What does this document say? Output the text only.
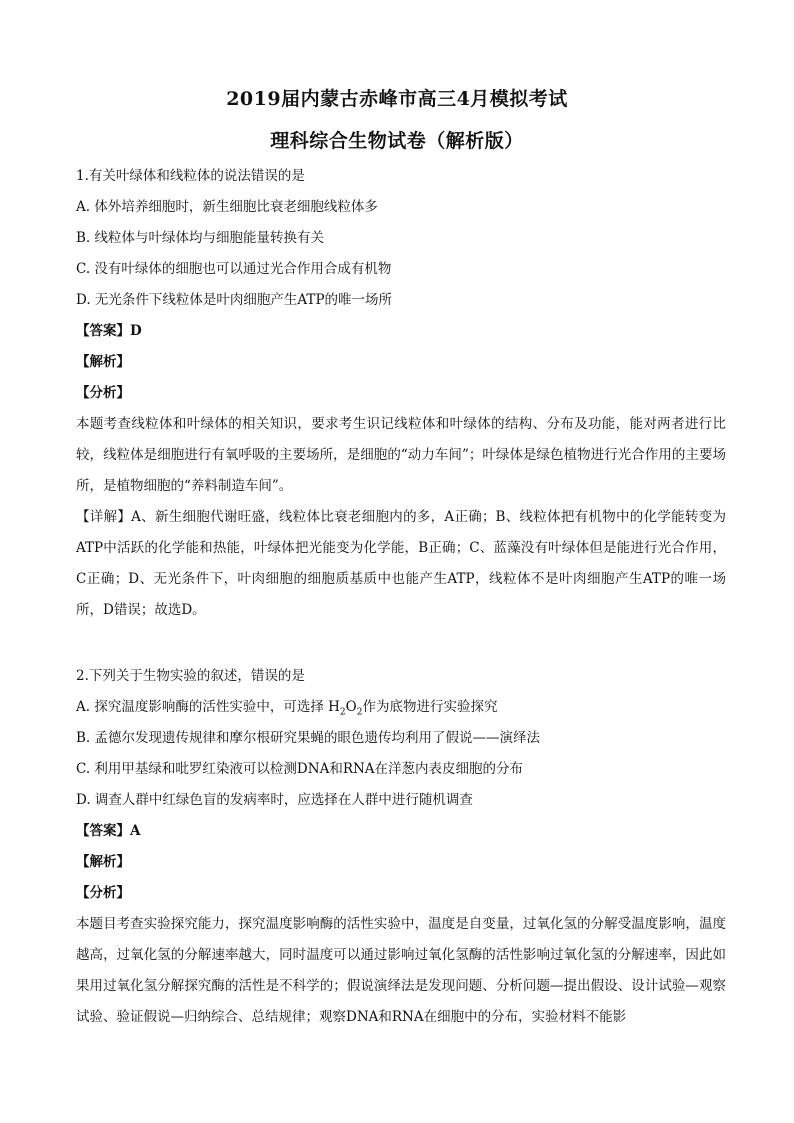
2019届内蒙古赤峰市高三4月模拟考试
理科综合生物试卷（解析版）
1.有关叶绿体和线粒体的说法错误的是
A. 体外培养细胞时，新生细胞比衰老细胞线粒体多
B. 线粒体与叶绿体均与细胞能量转换有关
C. 没有叶绿体的细胞也可以通过光合作用合成有机物
D. 无光条件下线粒体是叶肉细胞产生ATP的唯一场所
【答案】D
【解析】
【分析】
本题考查线粒体和叶绿体的相关知识，要求考生识记线粒体和叶绿体的结构、分布及功能，能对两者进行比较，线粒体是细胞进行有氧呼吸的主要场所，是细胞的“动力车间”；叶绿体是绿色植物进行光合作用的主要场所，是植物细胞的“养料制造车间”。
【详解】A、新生细胞代谢旺盛，线粒体比衰老细胞内的多，A正确；B、线粒体把有机物中的化学能转变为ATP中活跃的化学能和热能，叶绿体把光能变为化学能，B正确；C、蓝藻没有叶绿体但是能进行光合作用，C正确；D、无光条件下，叶肉细胞的细胞质基质中也能产生ATP，线粒体不是叶肉细胞产生ATP的唯一场所，D错误；故选D。
2.下列关于生物实验的叙述，错误的是
A. 探究温度影响酶的活性实验中，可选择 $H_2O_2$作为底物进行实验探究
B. 孟德尔发现遗传规律和摩尔根研究果蝇的眼色遗传均利用了假说——演绎法
C. 利用甲基绿和吡罗红染液可以检测DNA和RNA在洋葱内表皮细胞的分布
D. 调查人群中红绿色盲的发病率时，应选择在人群中进行随机调查
【答案】A
【解析】
【分析】
本题目考查实验探究能力，探究温度影响酶的活性实验中，温度是自变量，过氧化氢的分解受温度影响，温度越高，过氧化氢的分解速率越大，同时温度可以通过影响过氧化氢酶的活性影响过氧化氢的分解速率，因此如果用过氧化氢分解探究酶的活性是不科学的；假说演绎法是发现问题、分析问题—提出假设、设计试验—观察试验、验证假说—归纳综合、总结规律；观察DNA和RNA在细胞中的分布，实验材料不能影
